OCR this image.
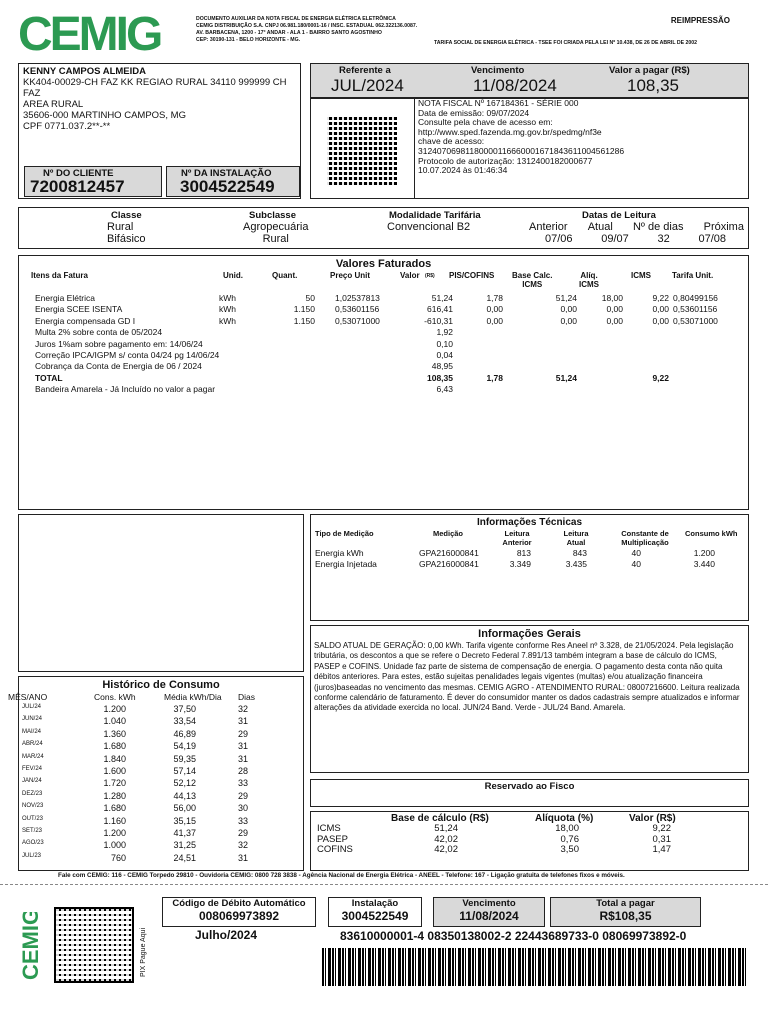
CEMIG	DOCUMENTO AUXILIAR DA NOTA FISCAL DE ENERGIA ELÉTRICA ELETRÔNICA
CEMIG DISTRIBUIÇÃO S.A. CNPJ 06.981.180/0001-16 / INSC. ESTADUAL 062.322136.0087.
AV. BARBACENA, 1200 - 17° ANDAR - ALA 1 - BAIRRO SANTO AGOSTINHO
CEP: 30190-131 - BELO HORIZONTE - MG.
REIMPRESSÃO
TARIFA SOCIAL DE ENERGIA ELÉTRICA - TSEE FOI CRIADA PELA LEI Nº 10.438, DE 26 DE ABRIL DE 2002
KENNY CAMPOS ALMEIDA
KK404-00029-CH FAZ KK REGIAO RURAL 34110 999999 CH
FAZ
AREA RURAL
35606-000 MARTINHO CAMPOS, MG
CPF 0771.037.2**-**
Nº DO CLIENTE
7200812457
Nº DA INSTALAÇÃO
3004522549
Referente a
JUL/2024
Vencimento
11/08/2024
Valor a pagar (R$)
108,35
NOTA FISCAL Nº 167184361 - SÉRIE 000
Data de emissão: 09/07/2024
Consulte pela chave de acesso em:
http://www.sped.fazenda.mg.gov.br/spedmg/nf3e
chave de acesso:
31240706981180000116660001671843611004561286
Protocolo de autorização: 1312400182000677
10.07.2024 às 01:46:34
Classe
Rural
Bifásico
Subclasse
Agropecuária
Rural
Modalidade Tarifária
Convencional B2
Datas de Leitura
Anterior Atual Nº de dias Próxima
07/06	09/07	32	07/08
Valores Faturados
Itens da Fatura	Unid.	Quant.	Preço Unit	Valor (R$) PIS/COFINS Base Calc.
ICMS
Alíq.
ICMS
ICMS	Tarifa Unit.
Energia Elétrica	kWh	50 1,02537813	51,24	1,78	51,24	18,00	9,22 0,80499156
Energia SCEE ISENTA	kWh	1.150 0,53601156	616,41	0,00	0,00	0,00	0,00 0,53601156
Energia compensada GD I	kWh	1.150 0,53071000	-610,31	0,00	0,00	0,00	0,00 0,53071000
Multa 2% sobre conta de 05/2024	1,92
Juros 1%am sobre pagamento em: 14/06/24	0,10
Correção IPCA/IGPM s/ conta 04/24 pg 14/06/24	0,04
Cobrança da Conta de Energia de 06 / 2024	48,95
TOTAL	108,35	1,78	51,24	9,22
Bandeira Amarela - Já Incluído no valor a pagar	6,43
Histórico de Consumo
MÊS/ANO	Cons. kWh	Média kWh/Dia Dias
JUL/24	1.200	37,50	32
JUN/24	1.040	33,54	31
MAI/24	1.360	46,89	29
ABR/24	1.680	54,19	31
MAR/24	1.840	59,35	31
FEV/24	1.600	57,14	28
JAN/24	1.720	52,12	33
DEZ/23	1.280	44,13	29
NOV/23	1.680	56,00	30
OUT/23	1.160	35,15	33
SET/23	1.200	41,37	29
AGO/23	1.000	31,25	32
JUL/23	760	24,51	31
Informações Técnicas
Tipo de Medição	Medição	Leitura Anterior
Leitura Atual
Constante de Multiplicação
Consumo kWh
Energia kWh	GPA216000841	813	843	40	1.200
Energia Injetada	GPA216000841	3.349	3.435	40	3.440
Informações Gerais
SALDO ATUAL DE GERAÇÃO: 0,00 kWh. Tarifa vigente conforme Res Aneel nº 3.328, de 21/05/2024. Pela legislação tributária, os descontos a que se refere o Decreto Federal 7.891/13 também integram a base de cálculo do ICMS, PASEP e COFINS. Unidade faz parte de sistema de compensação de energia. O pagamento desta conta não quita débitos anteriores. Para estes, estão sujeitas penalidades legais vigentes (multas) e/ou atualização financeira (juros)baseadas no vencimento das mesmas. CEMIG AGRO - ATENDIMENTO RURAL: 08007216600. Leitura realizada conforme calendário de faturamento. É dever do consumidor manter os dados cadastrais sempre atualizados e informar alterações da atividade exercida no local. JUN/24 Band. Verde - JUL/24 Band. Amarela.
Reservado ao Fisco
Base de cálculo (R$)	Alíquota (%)	Valor (R$)
ICMS	51,24	18,00	9,22
PASEP	42,02	0,76	0,31
COFINS	42,02	3,50	1,47
Fale com CEMIG: 116 - CEMIG Torpedo 29810 - Ouvidoria CEMIG: 0800 728 3838 - Agência Nacional de Energia Elétrica - ANEEL - Telefone: 167 - Ligação gratuita de telefones fixos e móveis.
CEMIG	PIX Pague Aqui
Código de Débito Automático
008069973892
Julho/2024
Instalação
3004522549
Vencimento
11/08/2024
Total a pagar
R$108,35
83610000001-4 08350138002-2 22443689733-0 08069973892-0
